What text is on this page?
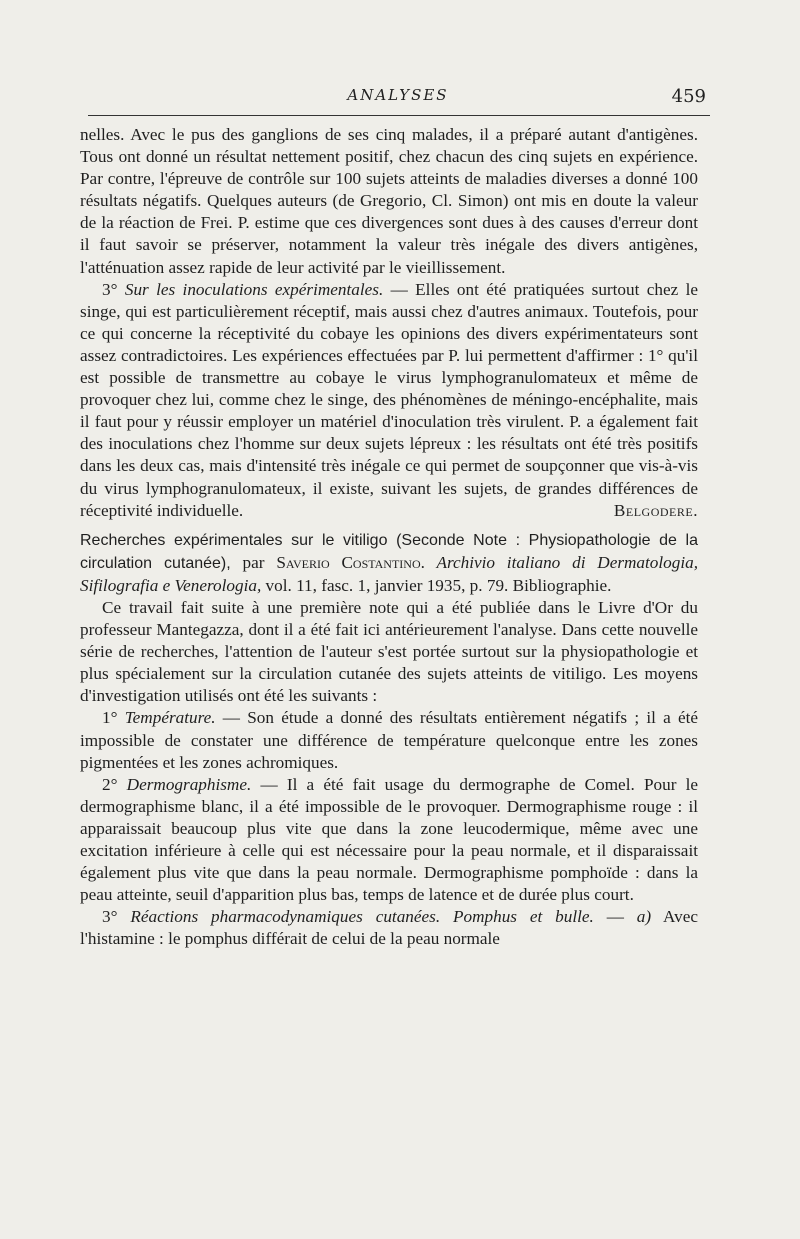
ANALYSES	459

nelles. Avec le pus des ganglions de ses cinq malades, il a préparé autant d'antigènes. Tous ont donné un résultat nettement positif, chez chacun des cinq sujets en expérience. Par contre, l'épreuve de contrôle sur 100 sujets atteints de maladies diverses a donné 100 résultats négatifs. Quelques auteurs (de Gregorio, Cl. Simon) ont mis en doute la valeur de la réaction de Frei. P. estime que ces divergences sont dues à des causes d'erreur dont il faut savoir se préserver, notamment la valeur très inégale des divers antigènes, l'atténuation assez rapide de leur activité par le vieillissement.

3° Sur les inoculations expérimentales. — Elles ont été pratiquées surtout chez le singe, qui est particulièrement réceptif, mais aussi chez d'autres animaux. Toutefois, pour ce qui concerne la réceptivité du cobaye les opinions des divers expérimentateurs sont assez contradictoires. Les expériences effectuées par P. lui permettent d'affirmer : 1° qu'il est possible de transmettre au cobaye le virus lymphogranulomateux et même de provoquer chez lui, comme chez le singe, des phénomènes de méningo-encéphalite, mais il faut pour y réussir employer un matériel d'inoculation très virulent. P. a également fait des inoculations chez l'homme sur deux sujets lépreux : les résultats ont été très positifs dans les deux cas, mais d'intensité très inégale ce qui permet de soupçonner que vis-à-vis du virus lymphogranulomateux, il existe, suivant les sujets, de grandes différences de réceptivité individuelle.	Belgodere.

Recherches expérimentales sur le vitiligo (Seconde Note : Physiopathologie de la circulation cutanée), par Saverio Costantino. Archivio italiano di Dermatologia, Sifilografia e Venerologia, vol. 11, fasc. 1, janvier 1935, p. 79. Bibliographie.

Ce travail fait suite à une première note qui a été publiée dans le Livre d'Or du professeur Mantegazza, dont il a été fait ici antérieurement l'analyse. Dans cette nouvelle série de recherches, l'attention de l'auteur s'est portée surtout sur la physiopathologie et plus spécialement sur la circulation cutanée des sujets atteints de vitiligo. Les moyens d'investigation utilisés ont été les suivants :

1° Température. — Son étude a donné des résultats entièrement négatifs ; il a été impossible de constater une différence de température quelconque entre les zones pigmentées et les zones achromiques.

2° Dermographisme. — Il a été fait usage du dermographe de Comel. Pour le dermographisme blanc, il a été impossible de le provoquer. Dermographisme rouge : il apparaissait beaucoup plus vite que dans la zone leucodermique, même avec une excitation inférieure à celle qui est nécessaire pour la peau normale, et il disparaissait également plus vite que dans la peau normale. Dermographisme pomphoïde : dans la peau atteinte, seuil d'apparition plus bas, temps de latence et de durée plus court.

3° Réactions pharmacodynamiques cutanées. Pomphus et bulle. — a) Avec l'histamine : le pomphus différait de celui de la peau normale
